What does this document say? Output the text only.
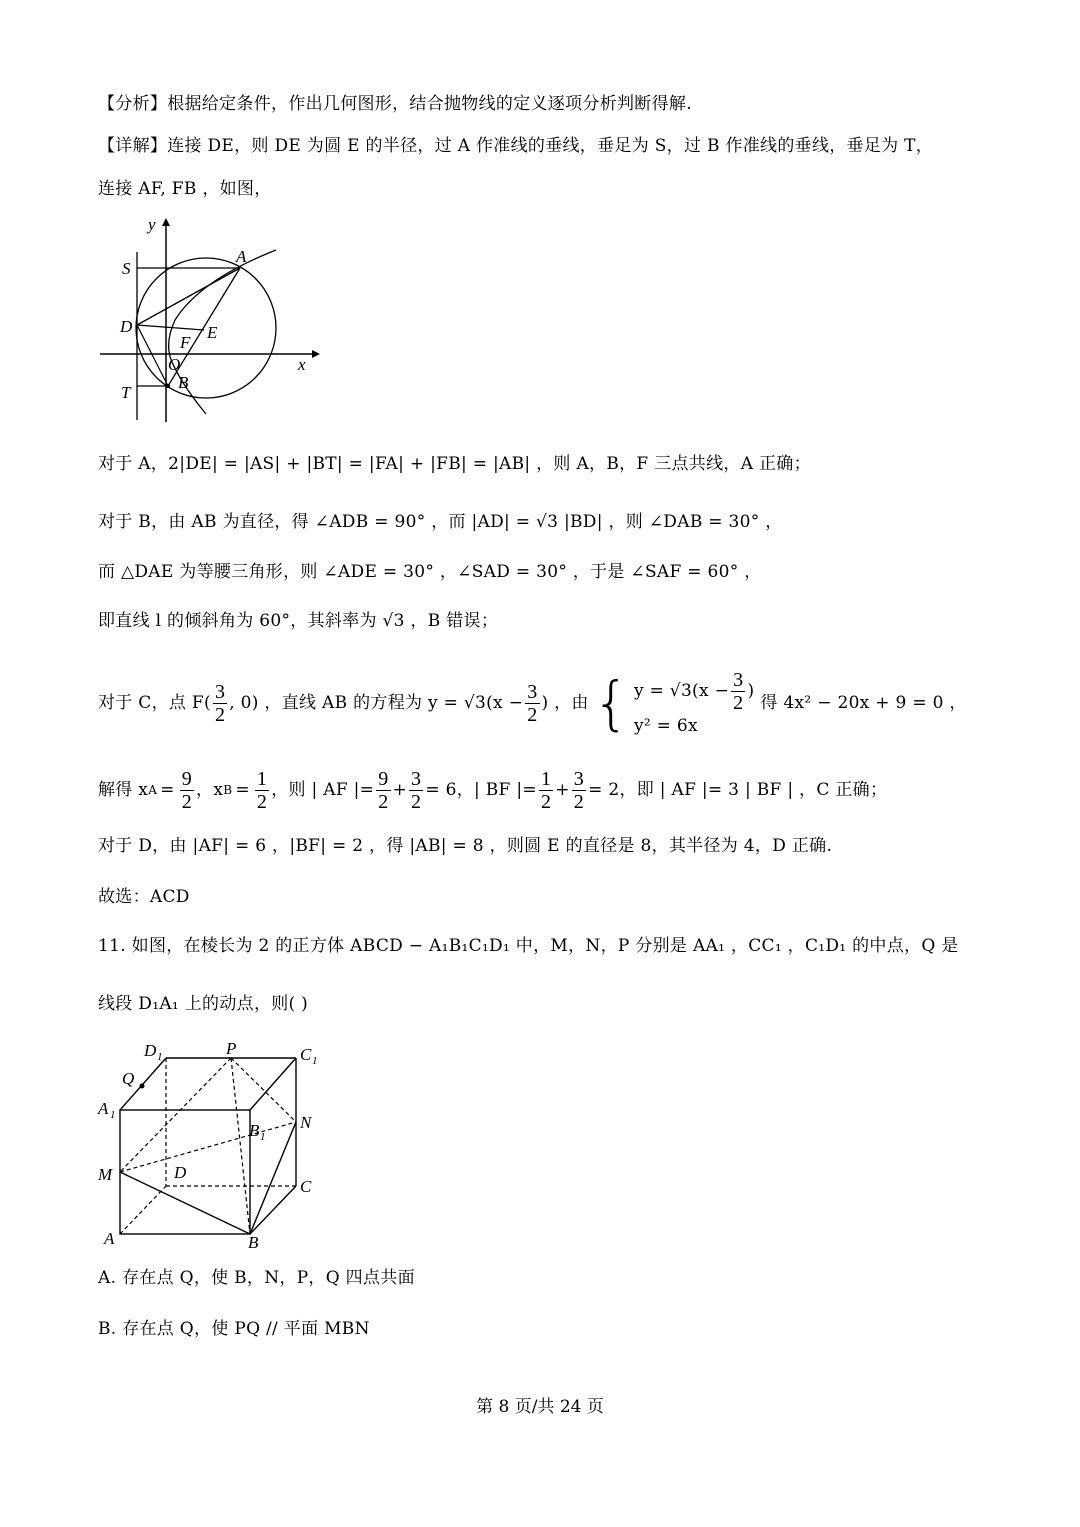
【分析】根据给定条件，作出几何图形，结合抛物线的定义逐项分析判断得解.
【详解】连接 DE，则 DE 为圆 E 的半径，过 A 作准线的垂线，垂足为 S，过 B 作准线的垂线，垂足为 T，
连接 AF, FB ，如图，
y
x
S
A
D	E
F
O
B
T
对于 A，2|DE| = |AS| + |BT| = |FA| + |FB| = |AB| ，则 A，B，F 三点共线，A 正确；
对于 B，由 AB 为直径，得 ∠ADB = 90° ，而 |AD| = √3 |BD| ，则 ∠DAB = 30° ，
而 △DAE 为等腰三角形，则 ∠ADE = 30° ，∠SAD = 30° ，于是 ∠SAF = 60° ，
即直线 l 的倾斜角为 60°，其斜率为 √3 ，B 错误；
对于 C，点 $F( \frac{3}{2}$ , 0) ，直线 AB 的方程为 $y = √3(x - \frac{3}{2}$ ) ，由 { $y = √3(x - \frac{3}{2}$ )
y² = 6x
得 4x² − 20x + 9 = 0 ，
解得 x $A = \frac{9}{2}$ ，x $B = \frac{1}{2}$ ，则 | AF |= $\frac{9}{2} + \frac{3}{2} = 6$ ，| BF |= $\frac{1}{2} + \frac{3}{2} = 2$ ，即 | AF |= 3 | BF | ，C 正确；
对于 D，由 |AF| = 6 ，|BF| = 2 ，得 |AB| = 8 ，则圆 E 的直径是 8，其半径为 4，D 正确.
故选：ACD
11. 如图，在棱长为 2 的正方体 ABCD − A₁B₁C₁D₁ 中，M，N，P 分别是 AA₁ ，CC₁ ，C₁D₁ 的中点，Q 是
线段 D₁A₁ 上的动点，则( )
D 1	P	C 1
Q
A 1
B 1
N
M	D
C
A	B
A. 存在点 Q，使 B，N，P，Q 四点共面
B. 存在点 Q，使 PQ // 平面 MBN
第 8 页/共 24 页
